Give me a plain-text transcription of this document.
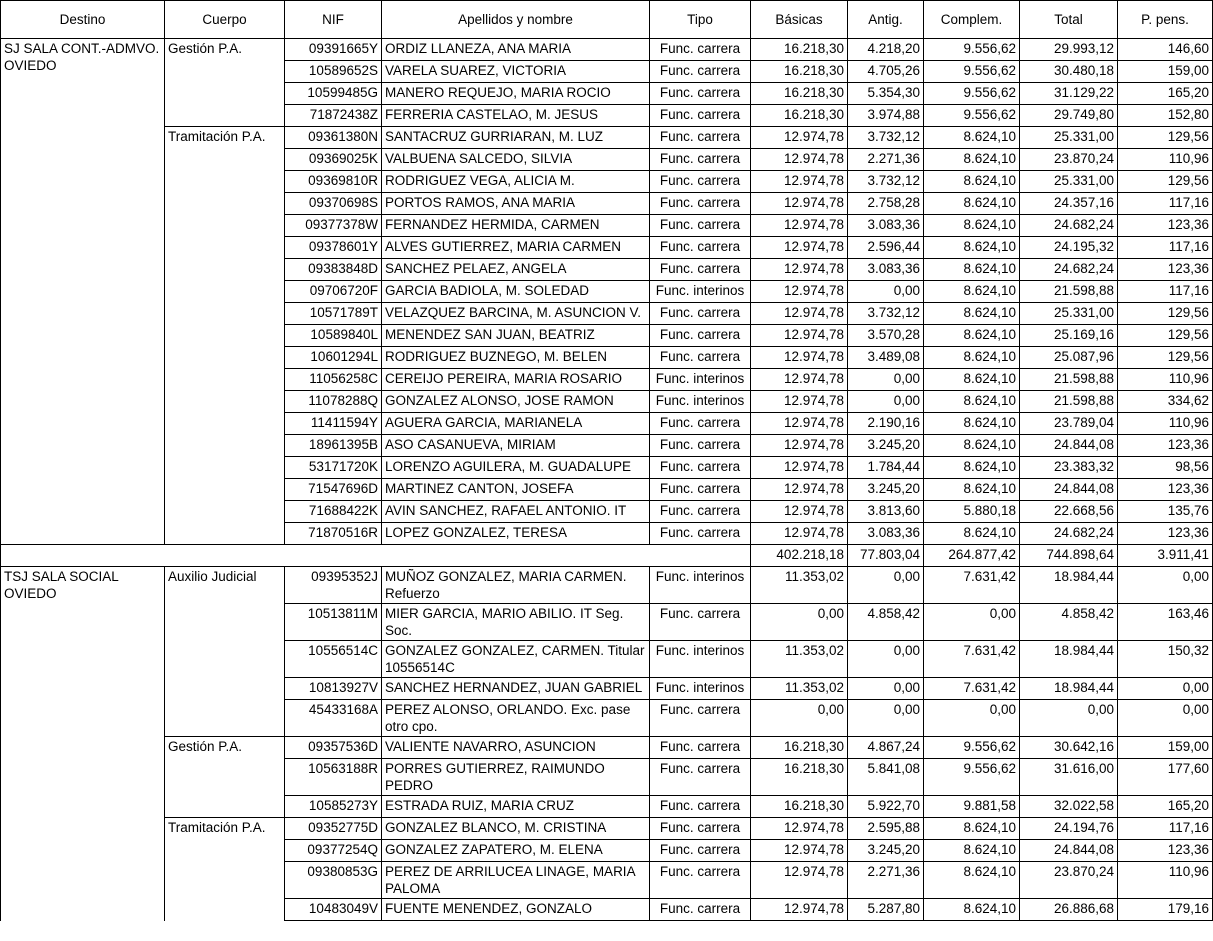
Destino	Cuerpo	NIF	Apellidos y nombre	Tipo	Básicas	Antig.	Complem.	Total	P. pens.
SJ SALA CONT.-ADMVO. OVIEDO	Gestión P.A.	09391665Y	ORDIZ LLANEZA, ANA MARIA	Func. carrera	16.218,30	4.218,20	9.556,62	29.993,12	146,60
		10589652S	VARELA SUAREZ, VICTORIA	Func. carrera	16.218,30	4.705,26	9.556,62	30.480,18	159,00
		10599485G	MANERO REQUEJO, MARIA ROCIO	Func. carrera	16.218,30	5.354,30	9.556,62	31.129,22	165,20
		71872438Z	FERRERIA CASTELAO, M. JESUS	Func. carrera	16.218,30	3.974,88	9.556,62	29.749,80	152,80
	Tramitación P.A.	09361380N	SANTACRUZ GURRIARAN, M. LUZ	Func. carrera	12.974,78	3.732,12	8.624,10	25.331,00	129,56
		09369025K	VALBUENA SALCEDO, SILVIA	Func. carrera	12.974,78	2.271,36	8.624,10	23.870,24	110,96
		09369810R	RODRIGUEZ VEGA, ALICIA M.	Func. carrera	12.974,78	3.732,12	8.624,10	25.331,00	129,56
		09370698S	PORTOS RAMOS, ANA MARIA	Func. carrera	12.974,78	2.758,28	8.624,10	24.357,16	117,16
		09377378W	FERNANDEZ HERMIDA, CARMEN	Func. carrera	12.974,78	3.083,36	8.624,10	24.682,24	123,36
		09378601Y	ALVES GUTIERREZ, MARIA CARMEN	Func. carrera	12.974,78	2.596,44	8.624,10	24.195,32	117,16
		09383848D	SANCHEZ PELAEZ, ANGELA	Func. carrera	12.974,78	3.083,36	8.624,10	24.682,24	123,36
		09706720F	GARCIA BADIOLA, M. SOLEDAD	Func. interinos	12.974,78	0,00	8.624,10	21.598,88	117,16
		10571789T	VELAZQUEZ BARCINA, M. ASUNCION V.	Func. carrera	12.974,78	3.732,12	8.624,10	25.331,00	129,56
		10589840L	MENENDEZ SAN JUAN, BEATRIZ	Func. carrera	12.974,78	3.570,28	8.624,10	25.169,16	129,56
		10601294L	RODRIGUEZ BUZNEGO, M. BELEN	Func. carrera	12.974,78	3.489,08	8.624,10	25.087,96	129,56
		11056258C	CEREIJO PEREIRA, MARIA ROSARIO	Func. interinos	12.974,78	0,00	8.624,10	21.598,88	110,96
		11078288Q	GONZALEZ ALONSO, JOSE RAMON	Func. interinos	12.974,78	0,00	8.624,10	21.598,88	334,62
		11411594Y	AGUERA GARCIA, MARIANELA	Func. carrera	12.974,78	2.190,16	8.624,10	23.789,04	110,96
		18961395B	ASO CASANUEVA, MIRIAM	Func. carrera	12.974,78	3.245,20	8.624,10	24.844,08	123,36
		53171720K	LORENZO AGUILERA, M. GUADALUPE	Func. carrera	12.974,78	1.784,44	8.624,10	23.383,32	98,56
		71547696D	MARTINEZ CANTON, JOSEFA	Func. carrera	12.974,78	3.245,20	8.624,10	24.844,08	123,36
		71688422K	AVIN SANCHEZ, RAFAEL ANTONIO. IT	Func. carrera	12.974,78	3.813,60	5.880,18	22.668,56	135,76
		71870516R	LOPEZ GONZALEZ, TERESA	Func. carrera	12.974,78	3.083,36	8.624,10	24.682,24	123,36
					402.218,18	77.803,04	264.877,42	744.898,64	3.911,41
TSJ SALA SOCIAL OVIEDO	Auxilio Judicial	09395352J	MUÑOZ GONZALEZ, MARIA CARMEN. Refuerzo	Func. interinos	11.353,02	0,00	7.631,42	18.984,44	0,00
		10513811M	MIER GARCIA, MARIO ABILIO. IT Seg. Soc.	Func. carrera	0,00	4.858,42	0,00	4.858,42	163,46
		10556514C	GONZALEZ GONZALEZ, CARMEN. Titular 10556514C	Func. interinos	11.353,02	0,00	7.631,42	18.984,44	150,32
		10813927V	SANCHEZ HERNANDEZ, JUAN GABRIEL	Func. interinos	11.353,02	0,00	7.631,42	18.984,44	0,00
		45433168A	PEREZ ALONSO, ORLANDO. Exc. pase otro cpo.	Func. carrera	0,00	0,00	0,00	0,00	0,00
	Gestión P.A.	09357536D	VALIENTE NAVARRO, ASUNCION	Func. carrera	16.218,30	4.867,24	9.556,62	30.642,16	159,00
		10563188R	PORRES GUTIERREZ, RAIMUNDO PEDRO	Func. carrera	16.218,30	5.841,08	9.556,62	31.616,00	177,60
		10585273Y	ESTRADA RUIZ, MARIA CRUZ	Func. carrera	16.218,30	5.922,70	9.881,58	32.022,58	165,20
	Tramitación P.A.	09352775D	GONZALEZ BLANCO, M. CRISTINA	Func. carrera	12.974,78	2.595,88	8.624,10	24.194,76	117,16
		09377254Q	GONZALEZ ZAPATERO, M. ELENA	Func. carrera	12.974,78	3.245,20	8.624,10	24.844,08	123,36
		09380853G	PEREZ DE ARRILUCEA LINAGE, MARIA PALOMA	Func. carrera	12.974,78	2.271,36	8.624,10	23.870,24	110,96
		10483049V	FUENTE MENENDEZ, GONZALO	Func. carrera	12.974,78	5.287,80	8.624,10	26.886,68	179,16
